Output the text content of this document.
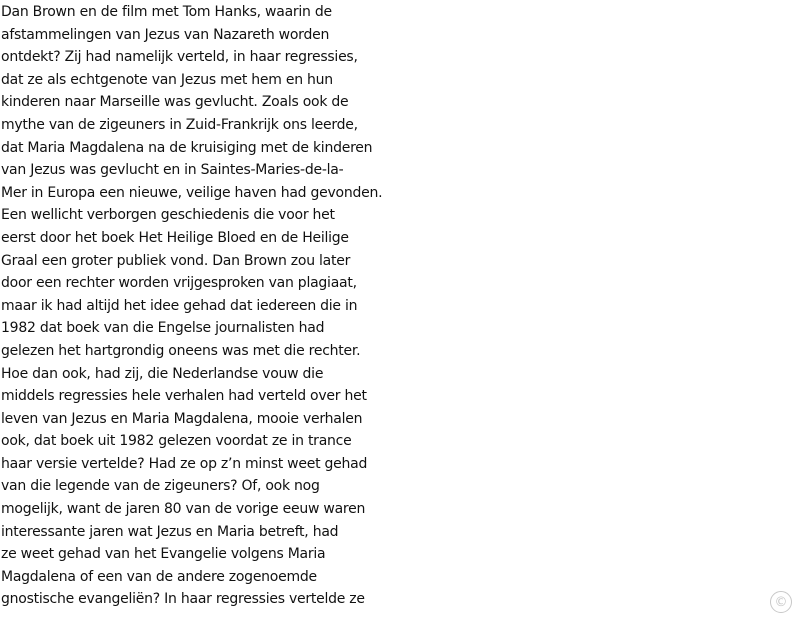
Dan Brown en de film met Tom Hanks, waarin de
afstammelingen van Jezus van Nazareth worden
ontdekt? Zij had namelijk verteld, in haar regressies,
dat ze als echtgenote van Jezus met hem en hun
kinderen naar Marseille was gevlucht. Zoals ook de
mythe van de zigeuners in Zuid-Frankrijk ons leerde,
dat Maria Magdalena na de kruisiging met de kinderen
van Jezus was gevlucht en in Saintes-Maries-de-la-
Mer in Europa een nieuwe, veilige haven had gevonden.
Een wellicht verborgen geschiedenis die voor het
eerst door het boek Het Heilige Bloed en de Heilige
Graal een groter publiek vond. Dan Brown zou later
door een rechter worden vrijgesproken van plagiaat,
maar ik had altijd het idee gehad dat iedereen die in
1982 dat boek van die Engelse journalisten had
gelezen het hartgrondig oneens was met die rechter.
Hoe dan ook, had zij, die Nederlandse vouw die
middels regressies hele verhalen had verteld over het
leven van Jezus en Maria Magdalena, mooie verhalen
ook, dat boek uit 1982 gelezen voordat ze in trance
haar versie vertelde? Had ze op z’n minst weet gehad
van die legende van de zigeuners? Of, ook nog
mogelijk, want de jaren 80 van de vorige eeuw waren
interessante jaren wat Jezus en Maria betreft, had
ze weet gehad van het Evangelie volgens Maria
Magdalena of een van de andere zogenoemde
gnostische evangeliën? In haar regressies vertelde ze	©
